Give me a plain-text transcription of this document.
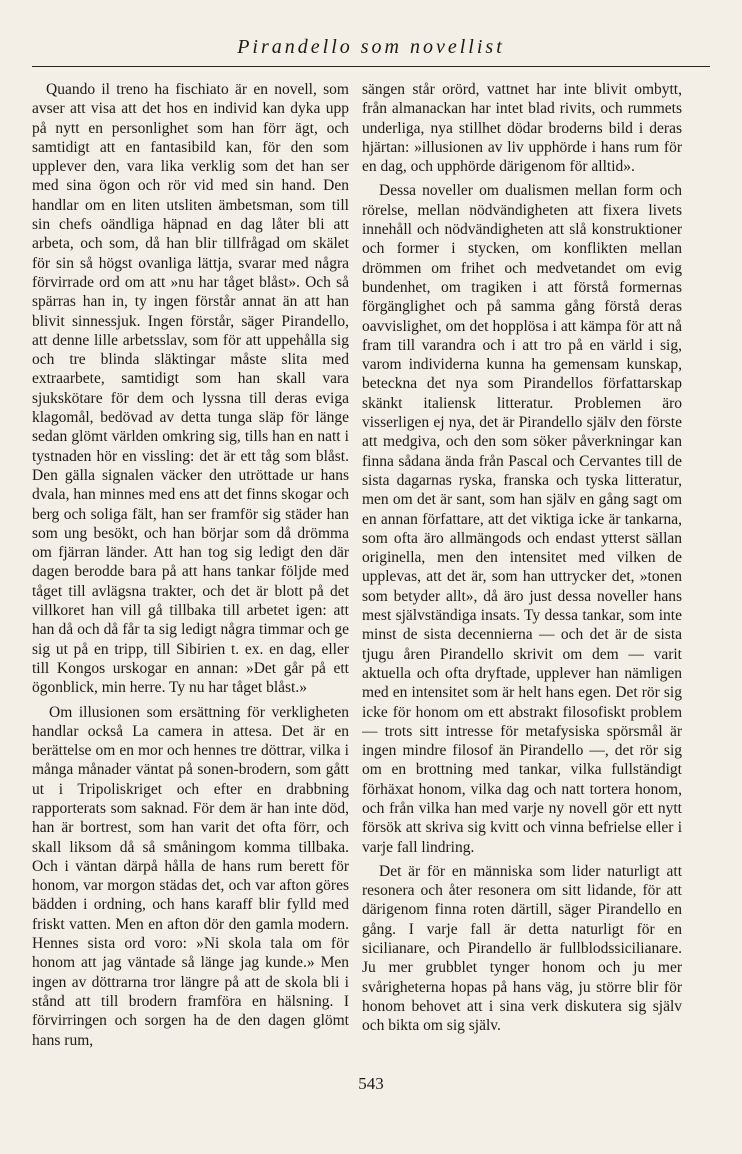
Pirandello som novellist

Quando il treno ha fischiato är en novell, som avser att visa att det hos en individ kan dyka upp på nytt en personlighet som han förr ägt, och samtidigt att en fantasibild kan, för den som upplever den, vara lika verklig som det han ser med sina ögon och rör vid med sin hand. Den handlar om en liten utsliten ämbetsman, som till sin chefs oändliga häpnad en dag låter bli att arbeta, och som, då han blir tillfrågad om skälet för sin så högst ovanliga lättja, svarar med några förvirrade ord om att »nu har tåget blåst». Och så spärras han in, ty ingen förstår annat än att han blivit sinnessjuk. Ingen förstår, säger Pirandello, att denne lille arbetsslav, som för att uppehålla sig och tre blinda släktingar måste slita med extraarbete, samtidigt som han skall vara sjukskötare för dem och lyssna till deras eviga klagomål, bedövad av detta tunga släp för länge sedan glömt världen omkring sig, tills han en natt i tystnaden hör en vissling: det är ett tåg som blåst. Den gälla signalen väcker den utröttade ur hans dvala, han minnes med ens att det finns skogar och berg och soliga fält, han ser framför sig städer han som ung besökt, och han börjar som då drömma om fjärran länder. Att han tog sig ledigt den där dagen berodde bara på att hans tankar följde med tåget till avlägsna trakter, och det är blott på det villkoret han vill gå tillbaka till arbetet igen: att han då och då får ta sig ledigt några timmar och ge sig ut på en tripp, till Sibirien t. ex. en dag, eller till Kongos urskogar en annan: »Det går på ett ögonblick, min herre. Ty nu har tåget blåst.»

Om illusionen som ersättning för verkligheten handlar också La camera in attesa. Det är en berättelse om en mor och hennes tre döttrar, vilka i många månader väntat på sonen-brodern, som gått ut i Tripoliskriget och efter en drabbning rapporterats som saknad. För dem är han inte död, han är bortrest, som han varit det ofta förr, och skall liksom då så småningom komma tillbaka. Och i väntan därpå hålla de hans rum berett för honom, var morgon städas det, och var afton göres bädden i ordning, och hans karaff blir fylld med friskt vatten. Men en afton dör den gamla modern. Hennes sista ord voro: »Ni skola tala om för honom att jag väntade så länge jag kunde.» Men ingen av döttrarna tror längre på att de skola bli i stånd att till brodern framföra en hälsning. I förvirringen och sorgen ha de den dagen glömt hans rum,

sängen står orörd, vattnet har inte blivit ombytt, från almanackan har intet blad rivits, och rummets underliga, nya stillhet dödar broderns bild i deras hjärtan: »illusionen av liv upphörde i hans rum för en dag, och upphörde därigenom för alltid».

Dessa noveller om dualismen mellan form och rörelse, mellan nödvändigheten att fixera livets innehåll och nödvändigheten att slå konstruktioner och former i stycken, om konflikten mellan drömmen om frihet och medvetandet om evig bundenhet, om tragiken i att förstå formernas förgänglighet och på samma gång förstå deras oavvislighet, om det hopplösa i att kämpa för att nå fram till varandra och i att tro på en värld i sig, varom individerna kunna ha gemensam kunskap, beteckna det nya som Pirandellos författarskap skänkt italiensk litteratur. Problemen äro visserligen ej nya, det är Pirandello själv den förste att medgiva, och den som söker påverkningar kan finna sådana ända från Pascal och Cervantes till de sista dagarnas ryska, franska och tyska litteratur, men om det är sant, som han själv en gång sagt om en annan författare, att det viktiga icke är tankarna, som ofta äro allmängods och endast ytterst sällan originella, men den intensitet med vilken de upplevas, att det är, som han uttrycker det, »tonen som betyder allt», då äro just dessa noveller hans mest självständiga insats. Ty dessa tankar, som inte minst de sista decennierna — och det är de sista tjugu åren Pirandello skrivit om dem — varit aktuella och ofta dryftade, upplever han nämligen med en intensitet som är helt hans egen. Det rör sig icke för honom om ett abstrakt filosofiskt problem — trots sitt intresse för metafysiska spörsmål är ingen mindre filosof än Pirandello —, det rör sig om en brottning med tankar, vilka fullständigt förhäxat honom, vilka dag och natt tortera honom, och från vilka han med varje ny novell gör ett nytt försök att skriva sig kvitt och vinna befrielse eller i varje fall lindring.

Det är för en människa som lider naturligt att resonera och åter resonera om sitt lidande, för att därigenom finna roten därtill, säger Pirandello en gång. I varje fall är detta naturligt för en sicilianare, och Pirandello är fullblodssicilianare. Ju mer grubblet tynger honom och ju mer svårigheterna hopas på hans väg, ju större blir för honom behovet att i sina verk diskutera sig själv och bikta om sig själv.

543
